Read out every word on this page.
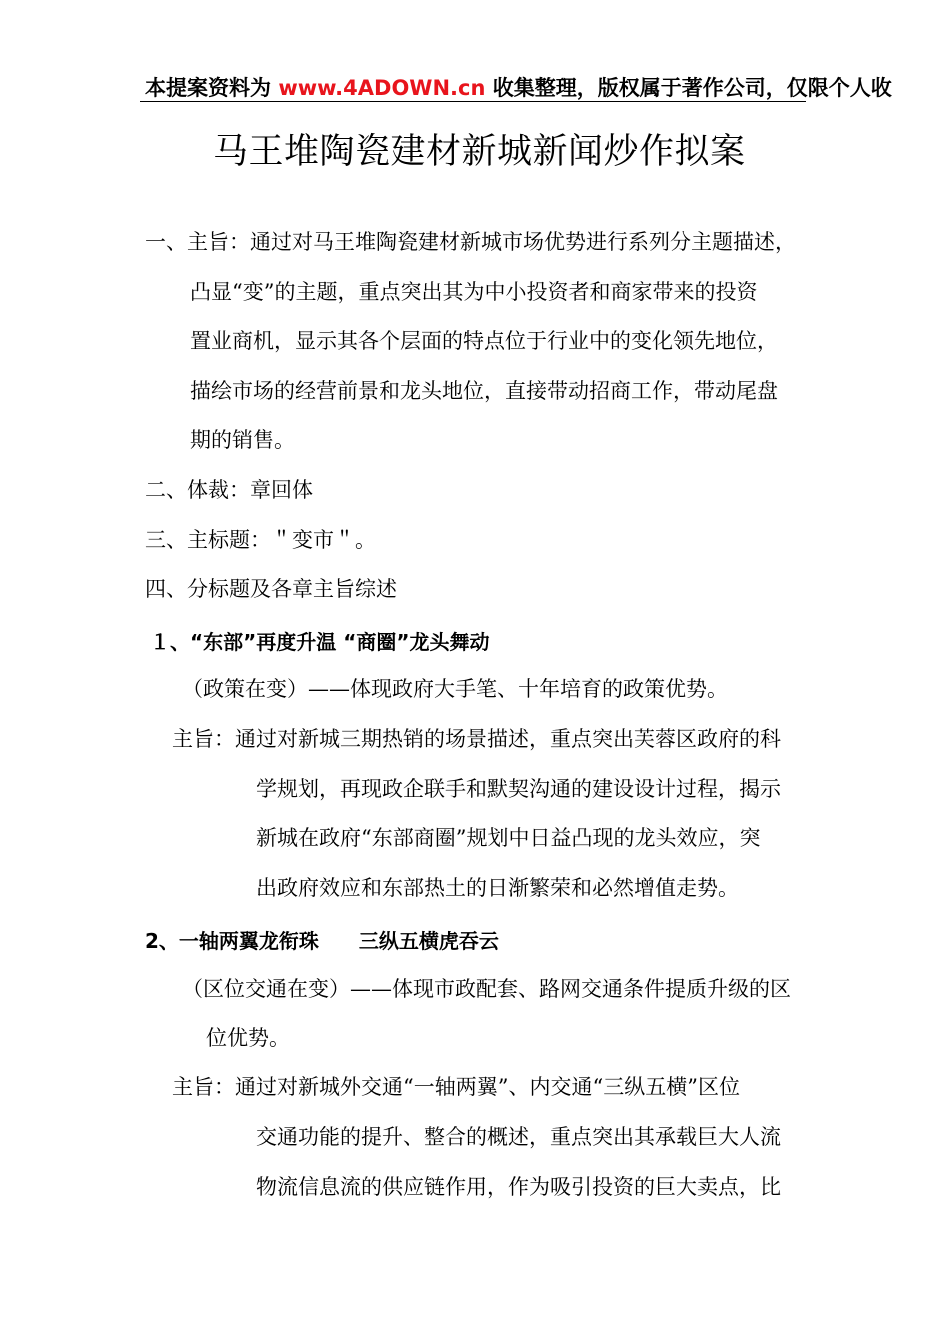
本提案资料为 www.4ADOWN.cn 收集整理，版权属于著作公司，仅限个人收
马王堆陶瓷建材新城新闻炒作拟案
一、主旨：通过对马王堆陶瓷建材新城市场优势进行系列分主题描述，
凸显“变”的主题，重点突出其为中小投资者和商家带来的投资
置业商机，显示其各个层面的特点位于行业中的变化领先地位，
描绘市场的经营前景和龙头地位，直接带动招商工作，带动尾盘
期的销售。
二、体裁：章回体
三、主标题：＂变市＂。
四、分标题及各章主旨综述
１、“东部”再度升温 “商圈”龙头舞动
（政策在变）——体现政府大手笔、十年培育的政策优势。
主旨：通过对新城三期热销的场景描述，重点突出芙蓉区政府的科
学规划，再现政企联手和默契沟通的建设设计过程，揭示
新城在政府“东部商圈”规划中日益凸现的龙头效应，突
出政府效应和东部热土的日渐繁荣和必然增值走势。
2、一轴两翼龙衔珠　　三纵五横虎吞云
（区位交通在变）——体现市政配套、路网交通条件提质升级的区
位优势。
主旨：通过对新城外交通“一轴两翼”、内交通“三纵五横”区位
交通功能的提升、整合的概述，重点突出其承载巨大人流
物流信息流的供应链作用，作为吸引投资的巨大卖点，比
